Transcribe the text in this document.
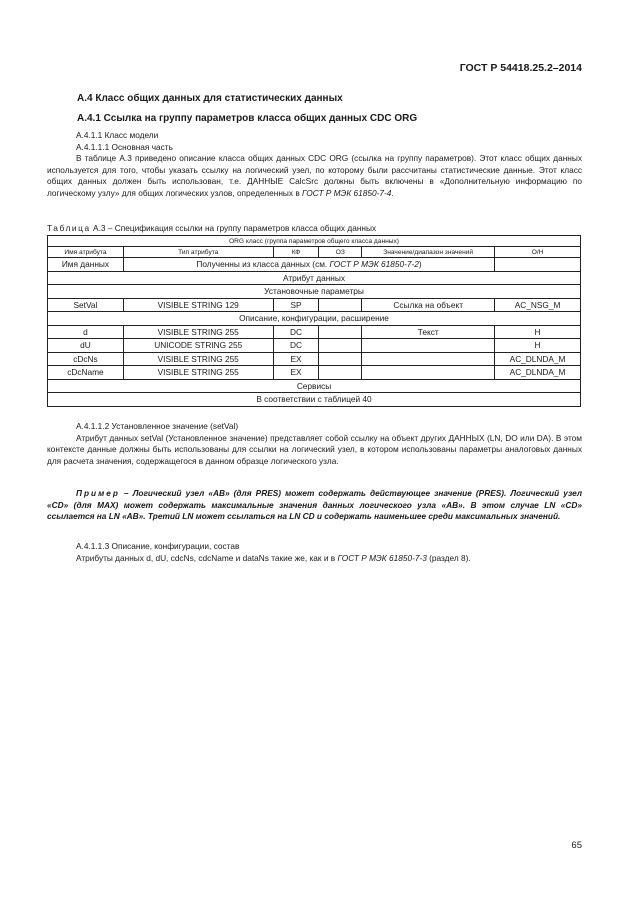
ГОСТ Р 54418.25.2–2014
А.4 Класс общих данных для статистических данных
А.4.1 Ссылка на группу параметров класса общих данных CDC ORG
А.4.1.1 Класс модели
А.4.1.1.1 Основная часть
В таблице А.3 приведено описание класса общих данных CDC ORG (ссылка на группу параметров). Этот класс общих данных используется для того, чтобы указать ссылку на логический узел, по которому были рассчитаны статистические данные. Этот класс общих данных должен быть использован, т.е. ДАННЫЕ CalcSrc должны быть включены в «Дополнительную информацию по логическому узлу» для общих логических узлов, определенных в ГОСТ Р МЭК 61850-7-4.
Таблица А.3 – Спецификация ссылки на группу параметров класса общих данных
ORG класс (группа параметров общего класса данных)					
Имя атрибута	Тип атрибута	КФ	ОЗ	Значение/диапазон значений	О/Н
Имя данных	Полученны из класса данных (см. ГОСТ Р МЭК 61850-7-2)				
Атрибут данных					
Установочные параметры					
SetVal	VISIBLE STRING 129	SP		Ссылка на объект	AC_NSG_M
Описание, конфигурации, расширение					
d	VISIBLE STRING 255	DC		Текст	Н
dU	UNICODE STRING 255	DC			Н
cDcNs	VISIBLE STRING 255	EX			AC_DLNDA_M
cDcName	VISIBLE STRING 255	EX			AC_DLNDA_M
Сервисы					
В соответствии с таблицей 40					
А.4.1.1.2 Установленное значение (setVal)
Атрибут данных setVal (Установленное значение) представляет собой ссылку на объект других ДАННЫХ (LN, DO или DA). В этом контексте данные должны быть использованы для ссылки на логический узел, в котором использованы параметры аналоговых данных для расчета значения, содержащегося в данном образце логического узла.
Пример – Логический узел «AB» (для PRES) может содержать действующее значение (PRES). Логический узел «CD» (для MAX) может содержать максимальные значения данных логического узла «AB». В этом случае LN «CD» ссылается на LN «AB». Третий LN может ссылаться на LN CD и содержать наименьшее среди максимальных значений.
А.4.1.1.3 Описание, конфигурации, состав
Атрибуты данных d, dU, cdcNs, cdcName и dataNs такие же, как и в ГОСТ Р МЭК 61850-7-3 (раздел 8).
65
